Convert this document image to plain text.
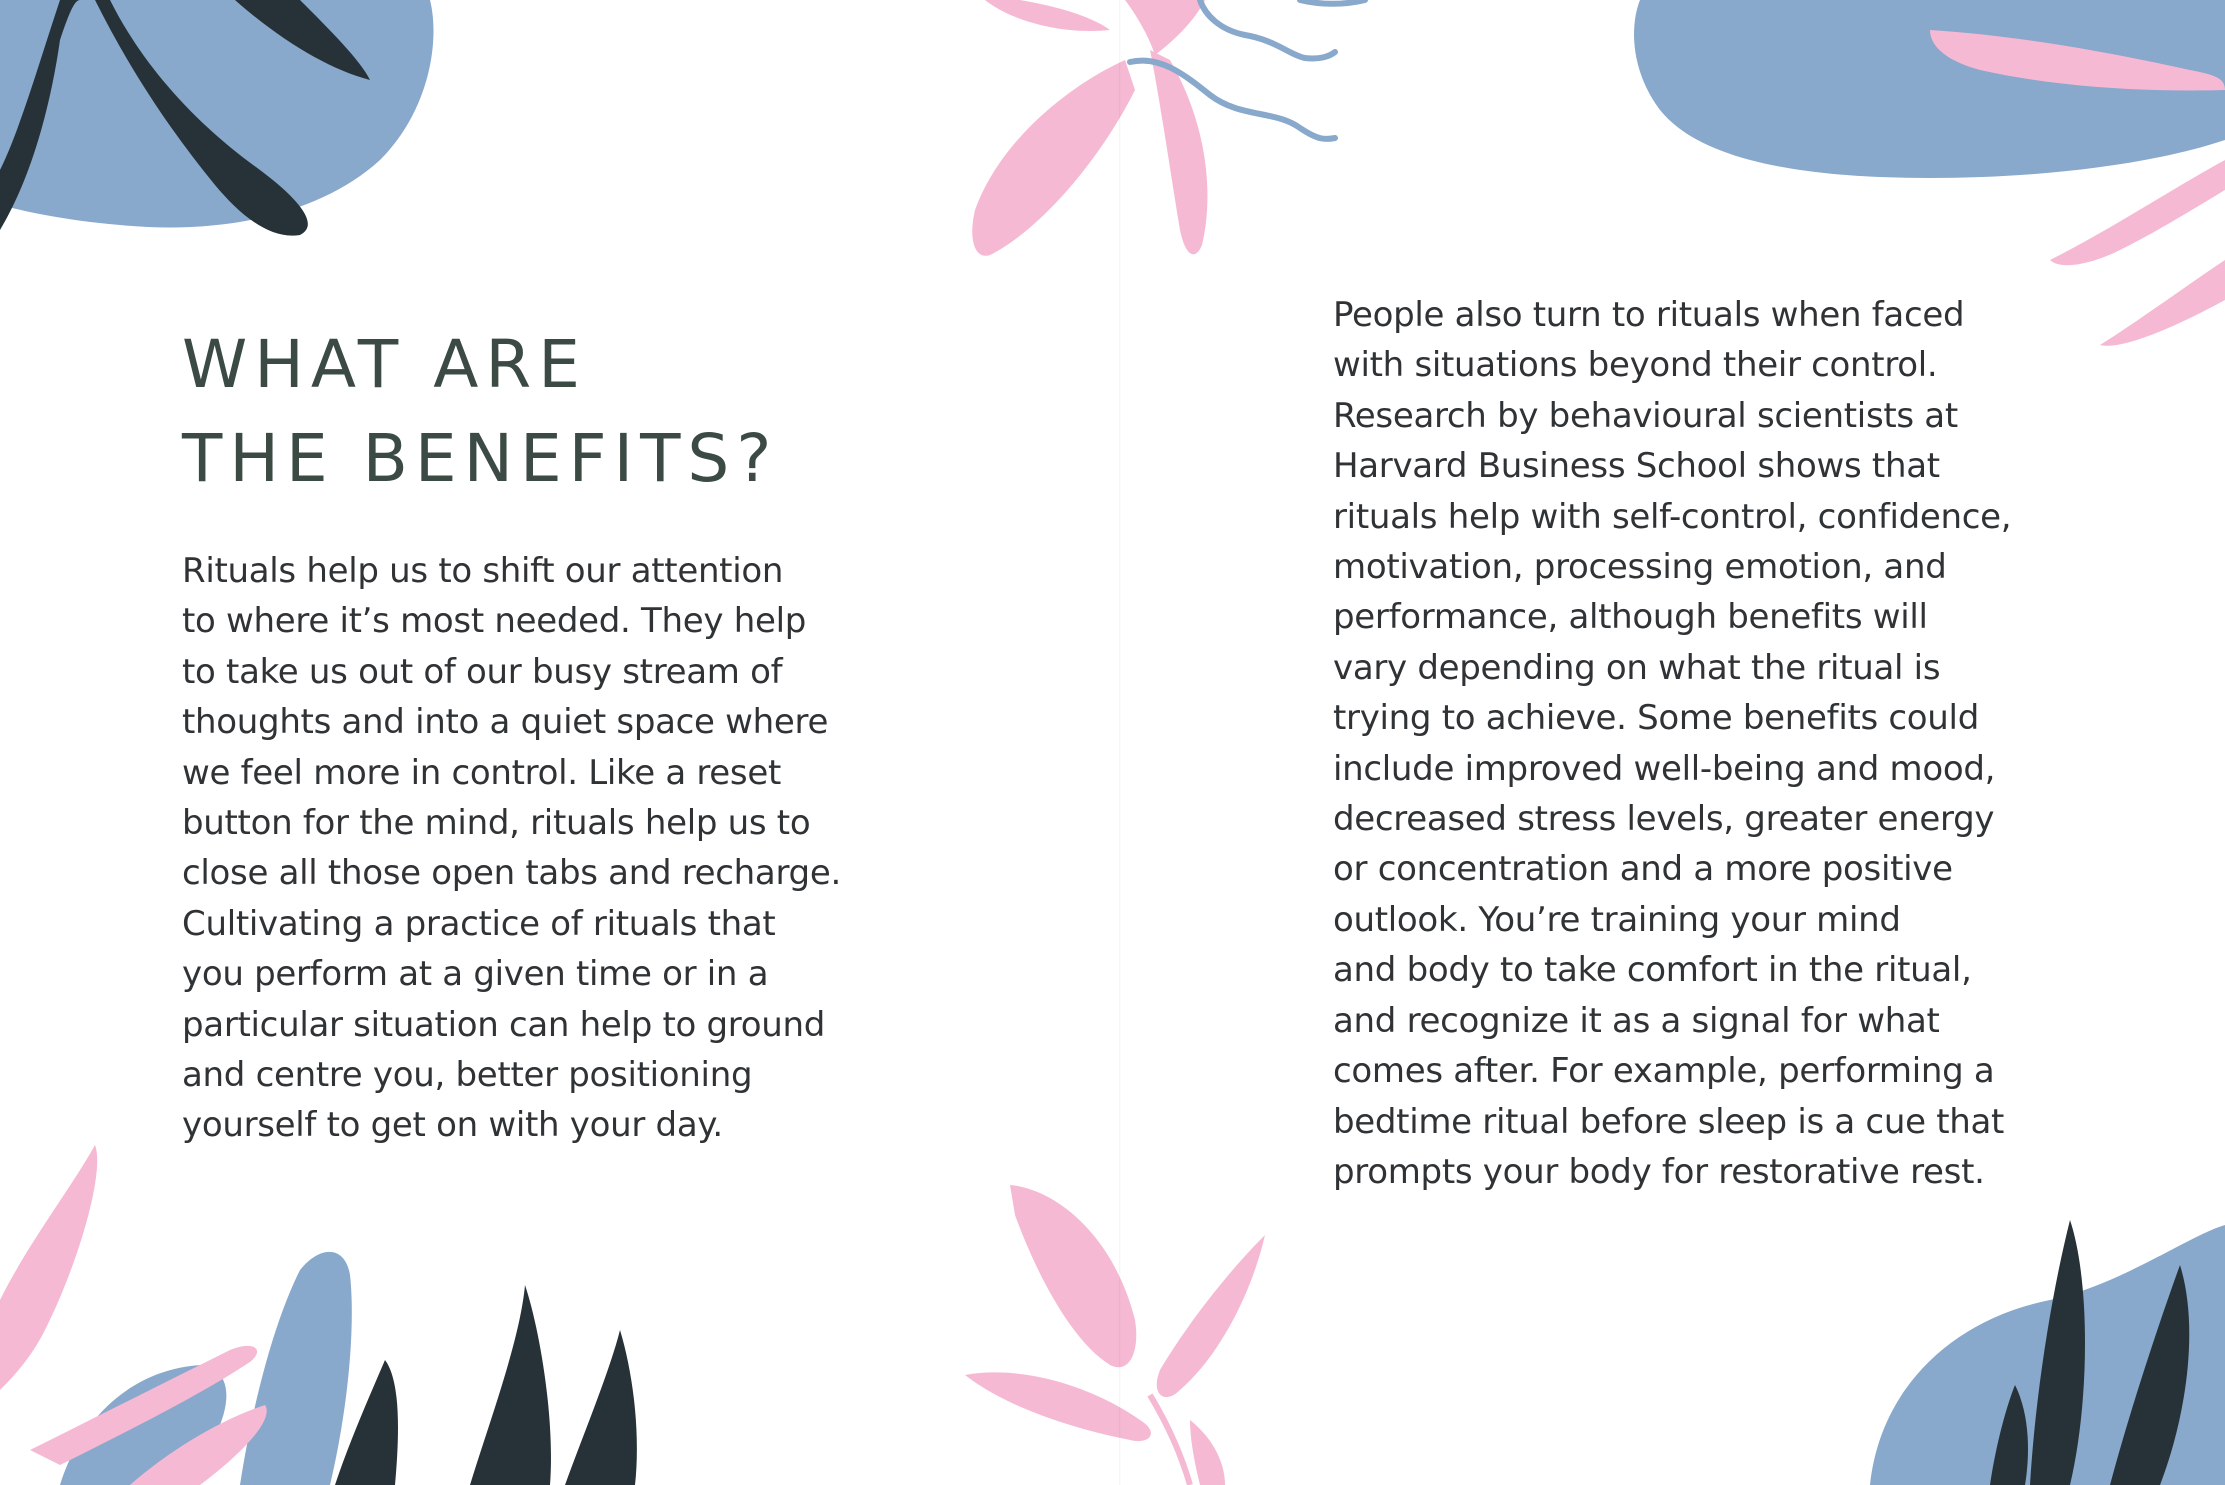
WHAT ARE
THE BENEFITS?
Rituals help us to shift our attention
to where it’s most needed. They help
to take us out of our busy stream of
thoughts and into a quiet space where
we feel more in control. Like a reset
button for the mind, rituals help us to
close all those open tabs and recharge.
Cultivating a practice of rituals that
you perform at a given time or in a
particular situation can help to ground
and centre you, better positioning
yourself to get on with your day.
People also turn to rituals when faced
with situations beyond their control.
Research by behavioural scientists at
Harvard Business School shows that
rituals help with self-control, confidence,
motivation, processing emotion, and
performance, although benefits will
vary depending on what the ritual is
trying to achieve. Some benefits could
include improved well-being and mood,
decreased stress levels, greater energy
or concentration and a more positive
outlook. You’re training your mind
and body to take comfort in the ritual,
and recognize it as a signal for what
comes after. For example, performing a
bedtime ritual before sleep is a cue that
prompts your body for restorative rest.
